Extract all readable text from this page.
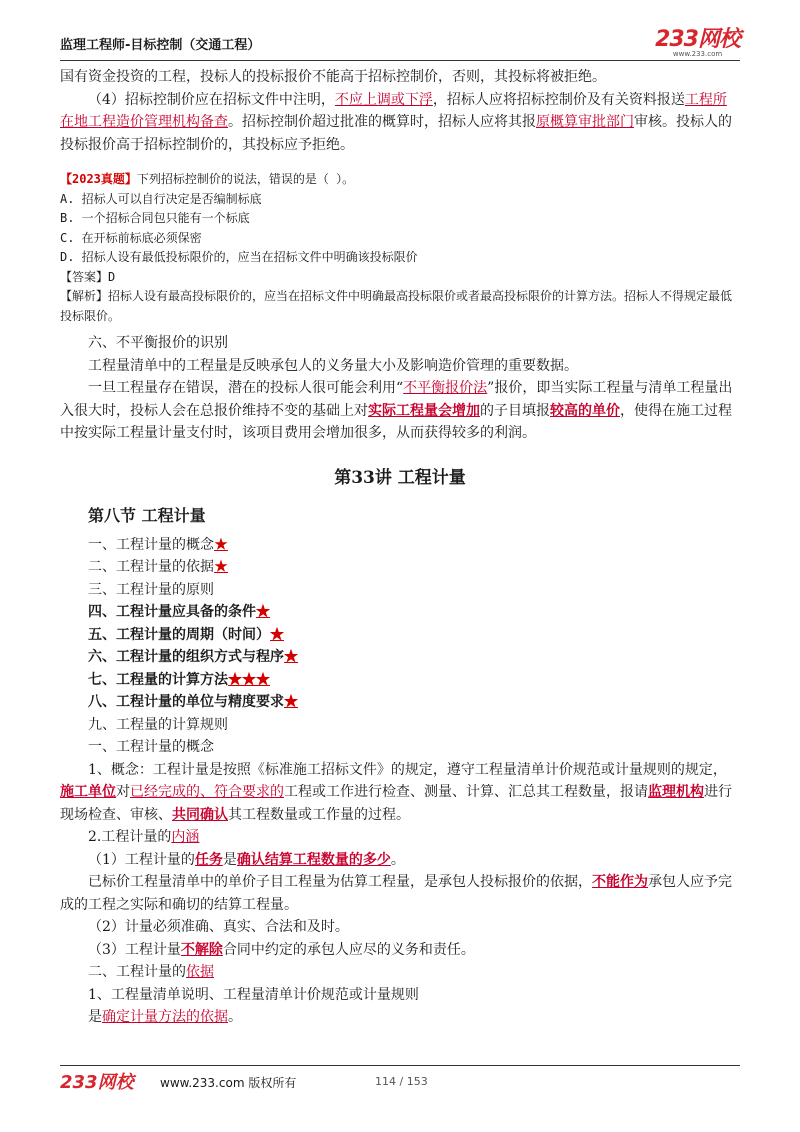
监理工程师-目标控制（交通工程）	233网校
www.233.com

国有资金投资的工程，投标人的投标报价不能高于招标控制价，否则，其投标将被拒绝。

（4）招标控制价应在招标文件中注明，不应上调或下浮，招标人应将招标控制价及有关资料报送工程所在地工程造价管理机构备查。招标控制价超过批准的概算时，招标人应将其报原概算审批部门审核。投标人的投标报价高于招标控制价的，其投标应予拒绝。

【2023真题】下列招标控制价的说法，错误的是（ ）。
A. 招标人可以自行决定是否编制标底
B. 一个招标合同包只能有一个标底
C. 在开标前标底必须保密
D. 招标人设有最低投标限价的，应当在招标文件中明确该投标限价
【答案】D
【解析】招标人设有最高投标限价的，应当在招标文件中明确最高投标限价或者最高投标限价的计算方法。招标人不得规定最低投标限价。

六、不平衡报价的识别

工程量清单中的工程量是反映承包人的义务量大小及影响造价管理的重要数据。

一旦工程量存在错误，潜在的投标人很可能会利用“不平衡报价法”报价，即当实际工程量与清单工程量出入很大时，投标人会在总报价维持不变的基础上对实际工程量会增加的子目填报较高的单价，使得在施工过程中按实际工程量计量支付时，该项目费用会增加很多，从而获得较多的利润。

第33讲 工程计量
第八节 工程计量
一、工程计量的概念★
二、工程计量的依据★
三、工程计量的原则
四、工程计量应具备的条件★
五、工程计量的周期（时间）★
六、工程计量的组织方式与程序★
七、工程量的计算方法★★★
八、工程计量的单位与精度要求★
九、工程量的计算规则
一、工程计量的概念

1、概念：工程计量是按照《标准施工招标文件》的规定，遵守工程量清单计价规范或计量规则的规定，施工单位对已经完成的、符合要求的工程或工作进行检查、测量、计算、汇总其工程数量，报请监理机构进行现场检查、审核、共同确认其工程数量或工作量的过程。

2.工程计量的内涵

（1）工程计量的任务是确认结算工程数量的多少。

已标价工程量清单中的单价子目工程量为估算工程量，是承包人投标报价的依据，不能作为承包人应予完成的工程之实际和确切的结算工程量。

（2）计量必须准确、真实、合法和及时。

（3）工程计量不解除合同中约定的承包人应尽的义务和责任。

二、工程计量的依据

1、工程量清单说明、工程量清单计价规范或计量规则

是确定计量方法的依据。

233网校 www.233.com 版权所有	114 / 153
